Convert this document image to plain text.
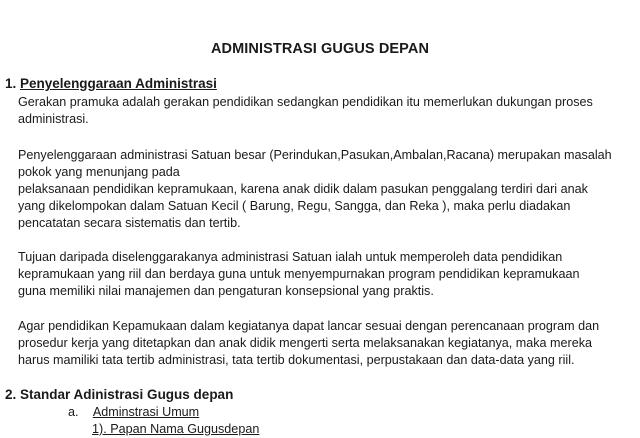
ADMINISTRASI GUGUS DEPAN
1. Penyelenggaraan Administrasi
Gerakan pramuka adalah gerakan pendidikan sedangkan pendidikan itu memerlukan dukungan proses
administrasi.
Penyelenggaraan administrasi Satuan besar (Perindukan,Pasukan,Ambalan,Racana) merupakan masalah
pokok yang menunjang pada
pelaksanaan pendidikan kepramukaan, karena anak didik dalam pasukan penggalang terdiri dari anak
yang dikelompokan dalam Satuan Kecil ( Barung, Regu, Sangga, dan Reka ), maka perlu diadakan
pencatatan secara sistematis dan tertib.
Tujuan daripada diselenggarakanya administrasi Satuan ialah untuk memperoleh data pendidikan
kepramukaan yang riil dan berdaya guna untuk menyempurnakan program pendidikan kepramukaan
guna memiliki nilai manajemen dan pengaturan konsepsional yang praktis.
Agar pendidikan Kepamukaan dalam kegiatanya dapat lancar sesuai dengan perencanaan program dan
prosedur kerja yang ditetapkan dan anak didik mengerti serta melaksanakan kegiatanya, maka mereka
harus mamiliki tata tertib administrasi, tata tertib dokumentasi, perpustakaan dan data-data yang riil.
2. Standar Adinistrasi Gugus depan
a. Adminstrasi Umum
1). Papan Nama Gugusdepan
